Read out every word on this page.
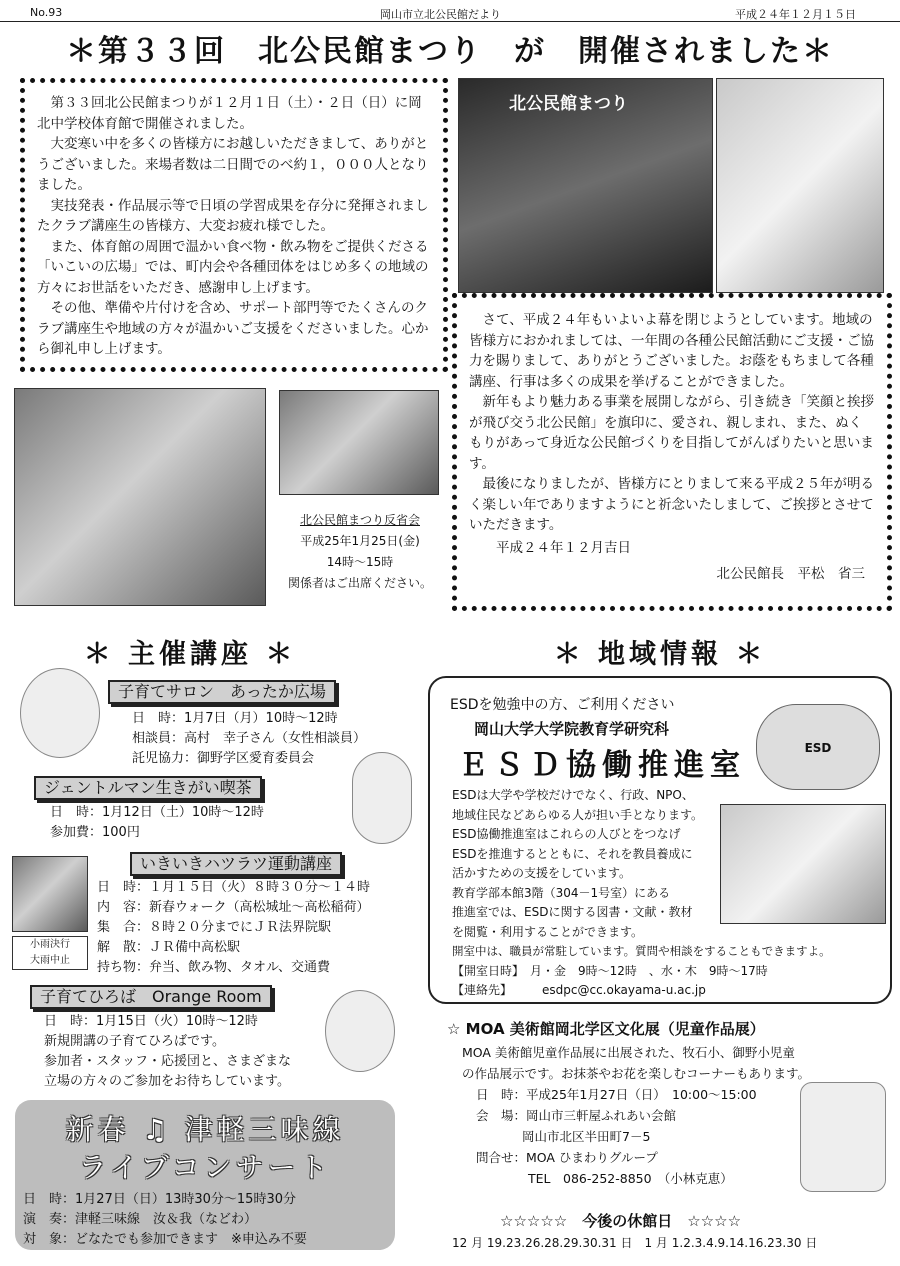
No.93	岡山市立北公民館だより	平成２４年１２月１５日
＊第３３回　北公民館まつり　が　開催されました＊

第３３回北公民館まつりが１２月１日（土）・２日（日）に岡北中学校体育館で開催されました。

大変寒い中を多くの皆様方にお越しいただきまして、ありがとうございました。来場者数は二日間でのべ約１，０００人となりました。

実技発表・作品展示等で日頃の学習成果を存分に発揮されましたクラブ講座生の皆様方、大変お疲れ様でした。

また、体育館の周囲で温かい食べ物・飲み物をご提供くださる「いこいの広場」では、町内会や各種団体をはじめ多くの地域の方々にお世話をいただき、感謝申し上げます。

その他、準備や片付けを含め、サポート部門等でたくさんのクラブ講座生や地域の方々が温かいご支援をくださいました。心から御礼申し上げます。

北公民館まつり

さて、平成２４年もいよいよ幕を閉じようとしています。地域の皆様方におかれましては、一年間の各種公民館活動にご支援・ご協力を賜りまして、ありがとうございました。お蔭をもちまして各種講座、行事は多くの成果を挙げることができました。

新年もより魅力ある事業を展開しながら、引き続き「笑顔と挨拶が飛び交う北公民館」を旗印に、愛され、親しまれ、また、ぬくもりがあって身近な公民館づくりを目指してがんばりたいと思います。

最後になりましたが、皆様方にとりまして来る平成２５年が明るく楽しい年でありますようにと祈念いたしまして、ご挨拶とさせていただきます。

平成２４年１２月吉日

北公民館長　平松　省三

北公民館まつり反省会
平成25年1月25日(金)
14時～15時
関係者はご出席ください。
＊ 主催講座 ＊
子育てサロン　あったか広場
日　時：1月7日（月）10時～12時
相談員：高村　幸子さん（女性相談員）
託児協力：御野学区愛育委員会
ジェントルマン生きがい喫茶
日　時：1月12日（土）10時～12時
参加費：100円
いきいきハツラツ運動講座
小雨決行
大雨中止
日　時：１月１５日（火）８時３０分～１４時
内　容：新春ウォーク（高松城址～高松稲荷）
集　合：８時２０分までにＪＲ法界院駅
解　散：ＪＲ備中高松駅
持ち物：弁当、飲み物、タオル、交通費
子育てひろば　Orange Room
日　時：1月15日（火）10時～12時
新規開講の子育てひろばです。
参加者・スタッフ・応援団と、さまざまな
立場の方々のご参加をお待ちしています。
新春 ♫ 津軽三味線
ライブコンサート
日　時：1月27日（日）13時30分～15時30分
演　奏：津軽三味線　汝＆我（などわ）
対　象：どなたでも参加できます　※申込み不要
＊ 地域情報 ＊
ESDを勉強中の方、ご利用ください
岡山大学大学院教育学研究科
ＥＳＤ協働推進室	ESD
ESDは大学や学校だけでなく、行政、NPO、
地域住民などあらゆる人が担い手となります。
ESD協働推進室はこれらの人びとをつなげ
ESDを推進するとともに、それを教員養成に
活かすための支援をしています。
教育学部本館3階（304－1号室）にある
推進室では、ESDに関する図書・文献・教材
を閲覧・利用することができます。
開室中は、職員が常駐しています。質問や相談をすることもできますよ。
【開室日時】　月・金　9時～12時　、水・木　9時～17時
【連絡先】　　　esdpc@cc.okayama-u.ac.jp
☆ MOA 美術館岡北学区文化展（児童作品展）
MOA 美術館児童作品展に出展された、牧石小、御野小児童
の作品展示です。お抹茶やお花を楽しむコーナーもあります。
日　時：平成25年1月27日（日）　10:00～15:00
会　場：岡山市三軒屋ふれあい会館
岡山市北区半田町7－5
問合せ：MOA ひまわりグループ
TEL　086-252-8850　（小林克恵）
☆☆☆☆☆　今後の休館日　☆☆☆☆
12 月 19.23.26.28.29.30.31 日　1 月 1.2.3.4.9.14.16.23.30 日
